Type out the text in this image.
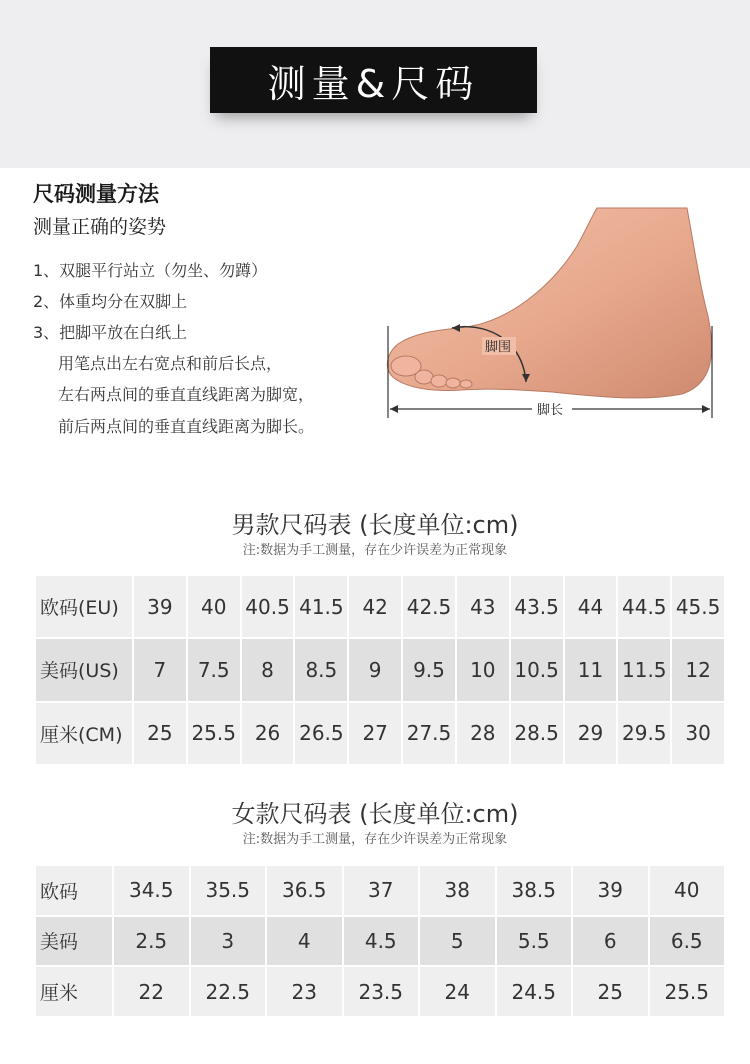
测量&尺码
尺码测量方法
测量正确的姿势
1、双腿平行站立（勿坐、勿蹲）
2、体重均分在双脚上
3、把脚平放在白纸上
用笔点出左右宽点和前后长点，
左右两点间的垂直直线距离为脚宽，
前后两点间的垂直直线距离为脚长。
脚围
脚长
男款尺码表 (长度单位:cm)
注:数据为手工测量，存在少许误差为正常现象
欧码(EU)	39	40 40.5 41.5 42 42.5 43 43.5 44 44.5 45.5
美码(US)	7	7.5	8	8.5	9	9.5	10 10.5 11 11.5 12
厘米(CM)	25 25.5 26 26.5 27 27.5 28 28.5 29 29.5 30
女款尺码表 (长度单位:cm)
注:数据为手工测量，存在少许误差为正常现象
欧码	34.5	35.5	36.5	37	38	38.5	39	40
美码	2.5	3	4	4.5	5	5.5	6	6.5
厘米	22	22.5	23	23.5	24	24.5	25	25.5
